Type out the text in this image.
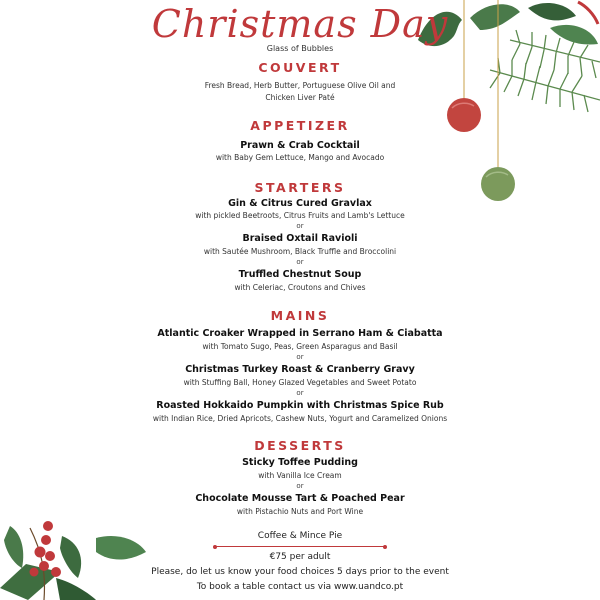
Christmas Day
Glass of Bubbles
COUVERT
Fresh Bread, Herb Butter, Portuguese Olive Oil and
Chicken Liver Paté
APPETIZER
Prawn & Crab Cocktail
with Baby Gem Lettuce, Mango and Avocado
STARTERS
Gin & Citrus Cured Gravlax
with pickled Beetroots, Citrus Fruits and Lamb's Lettuce
or
Braised Oxtail Ravioli
with Sautée Mushroom, Black Truffle and Broccolini
or
Truffled Chestnut Soup
with Celeriac, Croutons and Chives
MAINS
Atlantic Croaker Wrapped in Serrano Ham & Ciabatta
with Tomato Sugo, Peas, Green Asparagus and Basil
or
Christmas Turkey Roast & Cranberry Gravy
with Stuffing Ball, Honey Glazed Vegetables and Sweet Potato
or
Roasted Hokkaido Pumpkin with Christmas Spice Rub
with Indian Rice, Dried Apricots, Cashew Nuts, Yogurt and Caramelized Onions
DESSERTS
Sticky Toffee Pudding
with Vanilla Ice Cream
or
Chocolate Mousse Tart & Poached Pear
with Pistachio Nuts and Port Wine
Coffee & Mince Pie
€75 per adult
Please, do let us know your food choices 5 days prior to the event
To book a table contact us via www.uandco.pt
